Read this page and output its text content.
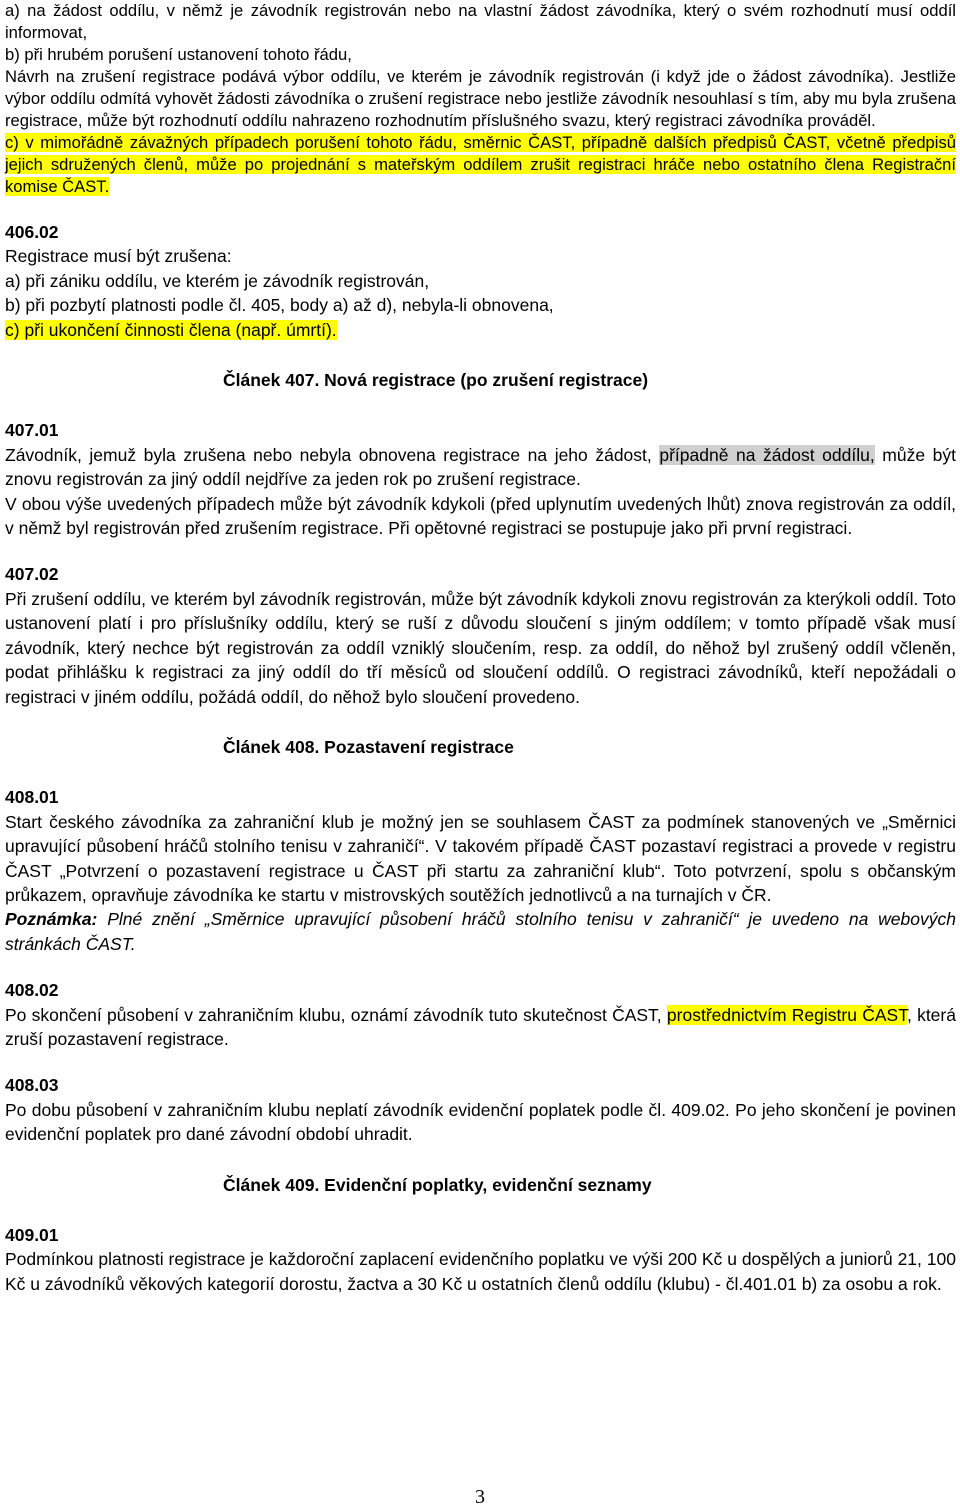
a) na žádost oddílu, v němž je závodník registrován nebo na vlastní žádost závodníka, který o svém rozhodnutí musí oddíl informovat,

b) při hrubém porušení ustanovení tohoto řádu,

Návrh na zrušení registrace podává výbor oddílu, ve kterém je závodník registrován (i když jde o žádost závodníka). Jestliže výbor oddílu odmítá vyhovět žádosti závodníka o zrušení registrace nebo jestliže závodník nesouhlasí s tím, aby mu byla zrušena registrace, může být rozhodnutí oddílu nahrazeno rozhodnutím příslušného svazu, který registraci závodníka prováděl.

c) v mimořádně závažných případech porušení tohoto řádu, směrnic ČAST, případně dalších předpisů ČAST, včetně předpisů jejich sdružených členů, může po projednání s mateřským oddílem zrušit registraci hráče nebo ostatního člena Registrační komise ČAST.

406.02

Registrace musí být zrušena:

a) při zániku oddílu, ve kterém je závodník registrován,

b) při pozbytí platnosti podle čl. 405, body a) až d), nebyla-li obnovena,

c) při ukončení činnosti člena (např. úmrtí).

Článek 407. Nová registrace (po zrušení registrace)
407.01

Závodník, jemuž byla zrušena nebo nebyla obnovena registrace na jeho žádost, případně na žádost oddílu, může být znovu registrován za jiný oddíl nejdříve za jeden rok po zrušení registrace.

V obou výše uvedených případech může být závodník kdykoli (před uplynutím uvedených lhůt) znova registrován za oddíl, v němž byl registrován před zrušením registrace. Při opětovné registraci se postupuje jako při první registraci.

407.02

Při zrušení oddílu, ve kterém byl závodník registrován, může být závodník kdykoli znovu registrován za kterýkoli oddíl. Toto ustanovení platí i pro příslušníky oddílu, který se ruší z důvodu sloučení s jiným oddílem; v tomto případě však musí závodník, který nechce být registrován za oddíl vzniklý sloučením, resp. za oddíl, do něhož byl zrušený oddíl včleněn, podat přihlášku k registraci za jiný oddíl do tří měsíců od sloučení oddílů. O registraci závodníků, kteří nepožádali o registraci v jiném oddílu, požádá oddíl, do něhož bylo sloučení provedeno.

Článek 408. Pozastavení registrace
408.01

Start českého závodníka za zahraniční klub je možný jen se souhlasem ČAST za podmínek stanovených ve „Směrnici upravující působení hráčů stolního tenisu v zahraničí“. V takovém případě ČAST pozastaví registraci a provede v registru ČAST „Potvrzení o pozastavení registrace u ČAST při startu za zahraniční klub“. Toto potvrzení, spolu s občanským průkazem, opravňuje závodníka ke startu v mistrovských soutěžích jednotlivců a na turnajích v ČR.

Poznámka: Plné znění „Směrnice upravující působení hráčů stolního tenisu v zahraničí“ je uvedeno na webových stránkách ČAST.

408.02

Po skončení působení v zahraničním klubu, oznámí závodník tuto skutečnost ČAST, prostřednictvím Registru ČAST, která zruší pozastavení registrace.

408.03

Po dobu působení v zahraničním klubu neplatí závodník evidenční poplatek podle čl. 409.02. Po jeho skončení je povinen evidenční poplatek pro dané závodní období uhradit.

Článek 409. Evidenční poplatky, evidenční seznamy
409.01

Podmínkou platnosti registrace je každoroční zaplacení evidenčního poplatku ve výši 200 Kč u dospělých a juniorů 21, 100 Kč u závodníků věkových kategorií dorostu, žactva a 30 Kč u ostatních členů oddílu (klubu) - čl.401.01 b) za osobu a rok.

3
